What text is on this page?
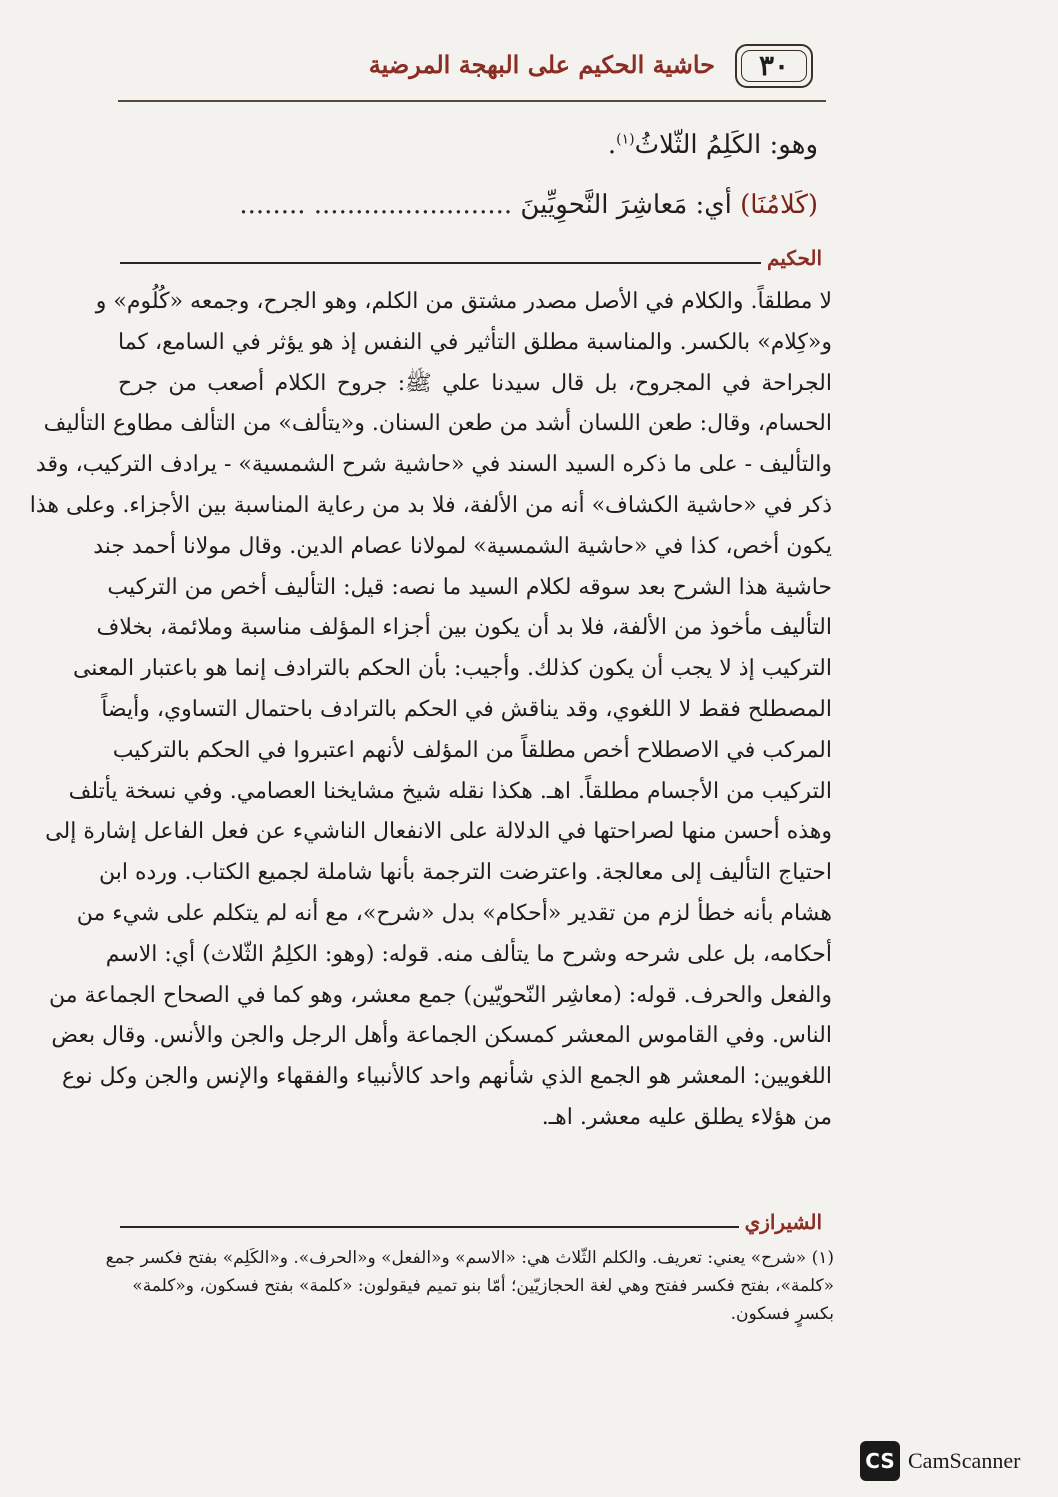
٣٠
حاشية الحكيم على البهجة المرضية
وهو: الكَلِمُ الثّلاثُ$^{(١)}$.
(كَلامُنَا) أي: مَعاشِرَ النَّحوِيِّينَ ........................ ........
الحكيم
لا مطلقاً. والكلام في الأصل مصدر مشتق من الكلم، وهو الجرح، وجمعه «كُلُوم» و
و«كِلام» بالكسر. والمناسبة مطلق التأثير في النفس إذ هو يؤثر في السامع، كما
الجراحة في المجروح، بل قال سيدنا علي ﷺ: جروح الكلام أصعب من جرح
الحسام، وقال: طعن اللسان أشد من طعن السنان. و«يتألف» من التألف مطاوع التأليف
والتأليف - على ما ذكره السيد السند في «حاشية شرح الشمسية» - يرادف التركيب، وقد
ذكر في «حاشية الكشاف» أنه من الألفة، فلا بد من رعاية المناسبة بين الأجزاء. وعلى هذا
يكون أخص، كذا في «حاشية الشمسية» لمولانا عصام الدين. وقال مولانا أحمد جند
حاشية هذا الشرح بعد سوقه لكلام السيد ما نصه: قيل: التأليف أخص من التركيب
التأليف مأخوذ من الألفة، فلا بد أن يكون بين أجزاء المؤلف مناسبة وملائمة، بخلاف
التركيب إذ لا يجب أن يكون كذلك. وأجيب: بأن الحكم بالترادف إنما هو باعتبار المعنى
المصطلح فقط لا اللغوي، وقد يناقش في الحكم بالترادف باحتمال التساوي، وأيضاً
المركب في الاصطلاح أخص مطلقاً من المؤلف لأنهم اعتبروا في الحكم بالتركيب
التركيب من الأجسام مطلقاً. اهـ. هكذا نقله شيخ مشايخنا العصامي. وفي نسخة يأتلف
وهذه أحسن منها لصراحتها في الدلالة على الانفعال الناشيء عن فعل الفاعل إشارة إلى
احتياج التأليف إلى معالجة. واعترضت الترجمة بأنها شاملة لجميع الكتاب. ورده ابن
هشام بأنه خطأ لزم من تقدير «أحكام» بدل «شرح»، مع أنه لم يتكلم على شيء من
أحكامه، بل على شرحه وشرح ما يتألف منه. قوله: (وهو: الكلِمُ الثّلاث) أي: الاسم
والفعل والحرف. قوله: (معاشِر النّحويّين) جمع معشر، وهو كما في الصحاح الجماعة من
الناس. وفي القاموس المعشر كمسكن الجماعة وأهل الرجل والجن والأنس. وقال بعض
اللغويين: المعشر هو الجمع الذي شأنهم واحد كالأنبياء والفقهاء والإنس والجن وكل نوع
من هؤلاء يطلق عليه معشر. اهـ.
الشيرازي
(١) «شرح» يعني: تعريف. والكلم الثّلاث هي: «الاسم» و«الفعل» و«الحرف». و«الكَلِم» بفتح فكسر جمع
«كلمة»، بفتح فكسر ففتح وهي لغة الحجازيّين؛ أمّا بنو تميم فيقولون: «كلمة» بفتح فسكون، و«كلمة»
بكسرٍ فسكون.
CS CamScanner
